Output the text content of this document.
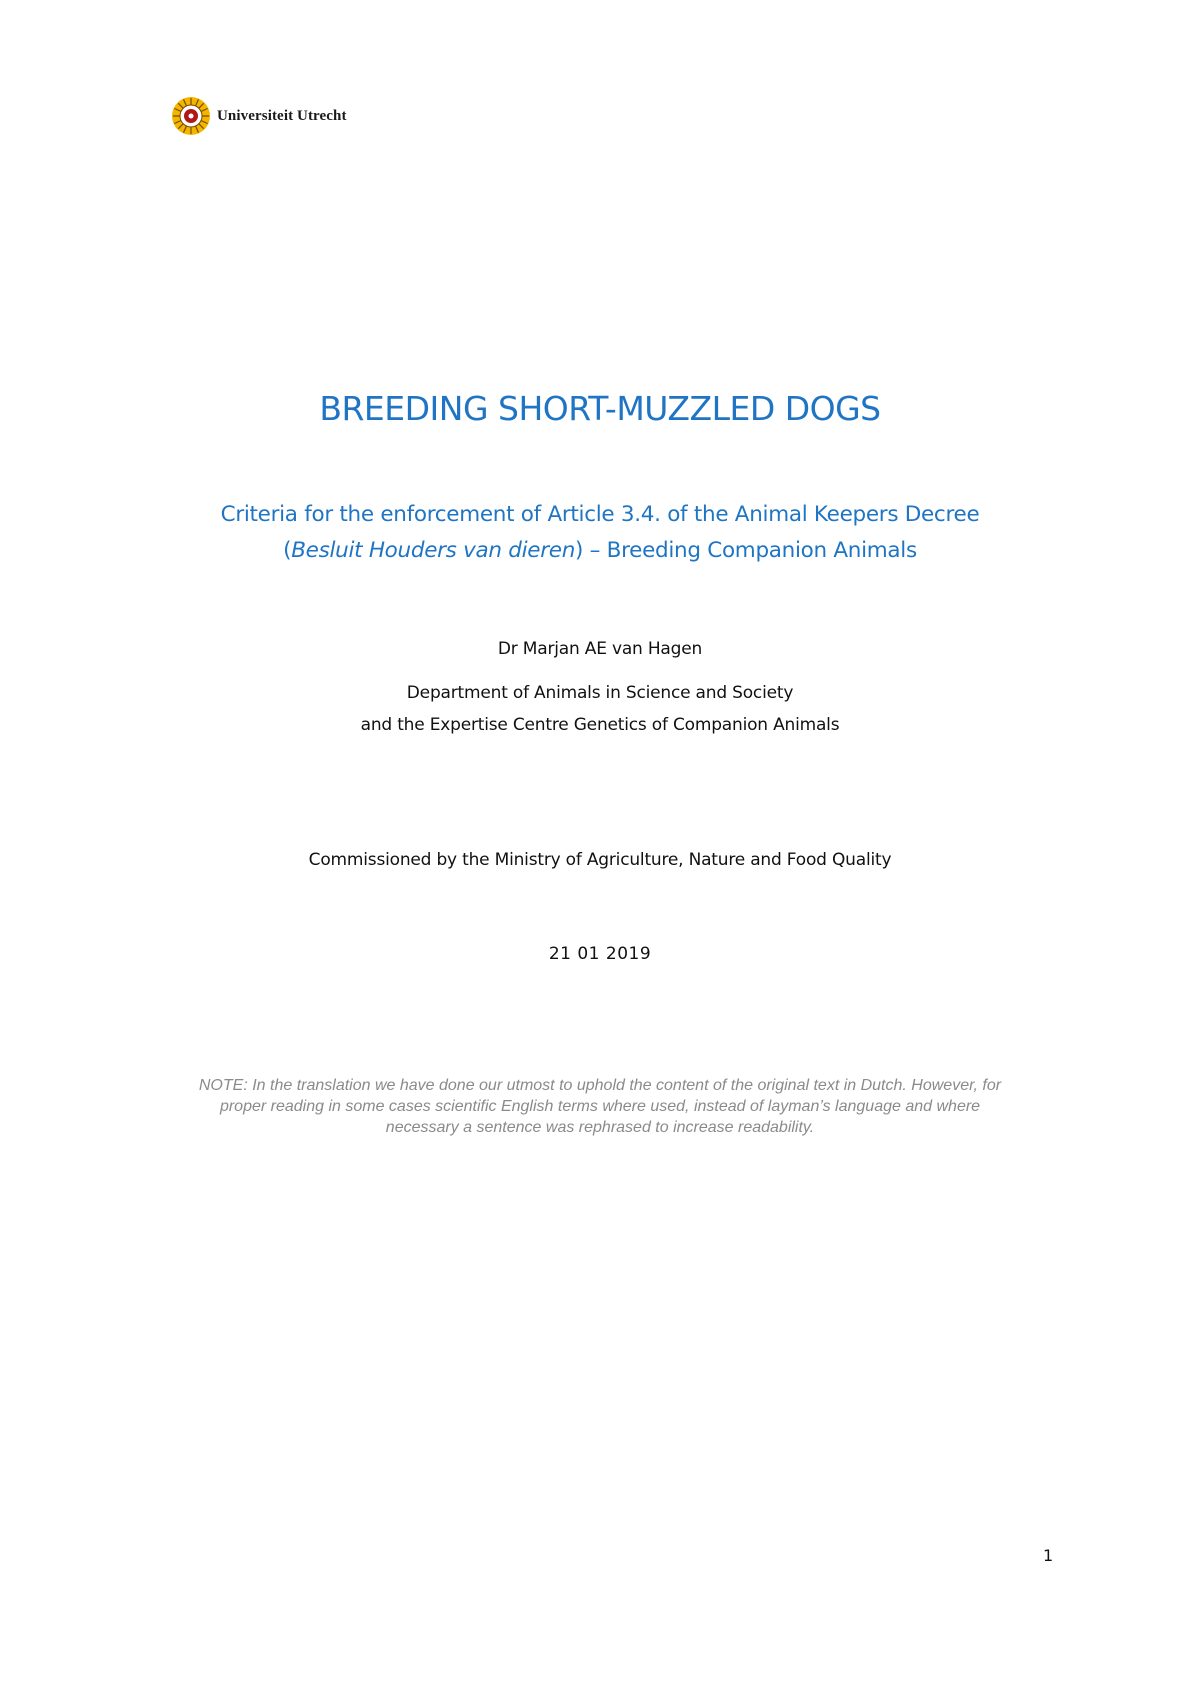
Universiteit Utrecht
BREEDING SHORT-MUZZLED DOGS
Criteria for the enforcement of Article 3.4. of the Animal Keepers Decree
(Besluit Houders van dieren) – Breeding Companion Animals
Dr Marjan AE van Hagen
Department of Animals in Science and Society
and the Expertise Centre Genetics of Companion Animals
Commissioned by the Ministry of Agriculture, Nature and Food Quality
21 01 2019
NOTE: In the translation we have done our utmost to uphold the content of the original text in Dutch. However, for
proper reading in some cases scientific English terms where used, instead of layman’s language and where
necessary a sentence was rephrased to increase readability.
1
